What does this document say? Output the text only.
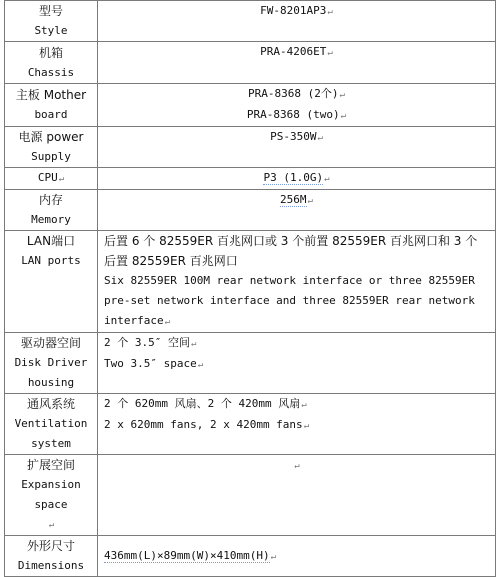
型号
Style	FW-8201AP3↵

机箱
Chassis	PRA-4206ET↵

主板 Mother
board	PRA-8368 (2个)↵
PRA-8368 (two)↵

电源 power
Supply	PS-350W↵
CPU↵	P3 (1.0G)↵

内存
Memory	256M↵

LAN端口
LAN ports	后置 6 个 82559ER 百兆网口或 3 个前置 82559ER 百兆网口和 3 个
后置 82559ER 百兆网口
Six 82559ER 100M rear network interface or three 82559ER
pre-set network interface and three 82559ER rear network
interface↵

驱动器空间
Disk Driver
housing	2 个 3.5″ 空间↵
Two 3.5″ space↵

通风系统
Ventilation
system	2 个 620mm 风扇、2 个 420mm 风扇↵
2 x 620mm fans, 2 x 420mm fans↵

扩展空间
Expansion
space
↵	↵

外形尺寸
Dimensions	436mm(L)×89mm(W)×410mm(H)↵
